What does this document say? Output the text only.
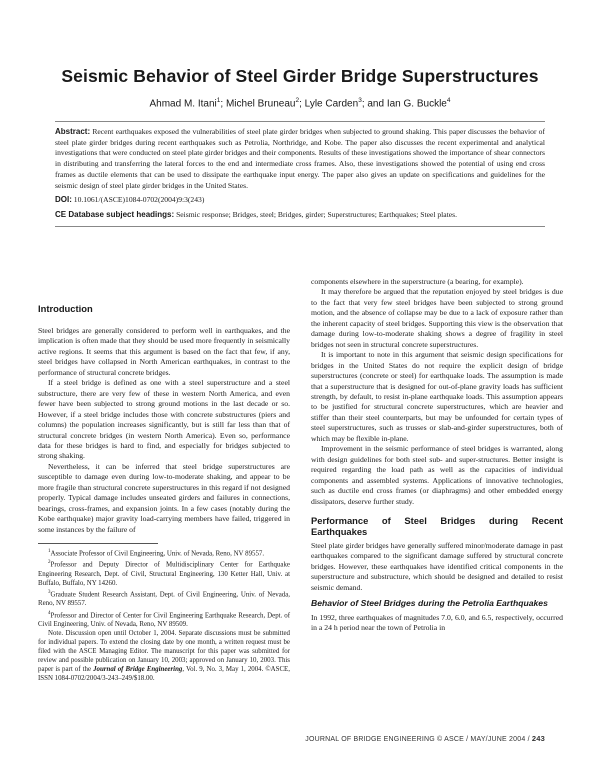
Seismic Behavior of Steel Girder Bridge Superstructures
Ahmad M. Itani$^1$; Michel Bruneau$^2$; Lyle Carden$^3$; and Ian G. Buckle$^4$

Abstract: Recent earthquakes exposed the vulnerabilities of steel plate girder bridges when subjected to ground shaking. This paper discusses the behavior of steel plate girder bridges during recent earthquakes such as Petrolia, Northridge, and Kobe. The paper also discusses the recent experimental and analytical investigations that were conducted on steel plate girder bridges and their components. Results of these investigations showed the importance of shear connectors in distributing and transferring the lateral forces to the end and intermediate cross frames. Also, these investigations showed the potential of using end cross frames as ductile elements that can be used to dissipate the earthquake input energy. The paper also gives an update on specifications and guidelines for the seismic design of steel plate girder bridges in the United States.

DOI: 10.1061/(ASCE)1084-0702(2004)9:3(243)

CE Database subject headings: Seismic response; Bridges, steel; Bridges, girder; Superstructures; Earthquakes; Steel plates.

Introduction

Steel bridges are generally considered to perform well in earthquakes, and the implication is often made that they should be used more frequently in seismically active regions. It seems that this argument is based on the fact that few, if any, steel bridges have collapsed in North American earthquakes, in contrast to the performance of structural concrete bridges.

If a steel bridge is defined as one with a steel superstructure and a steel substructure, there are very few of these in western North America, and even fewer have been subjected to strong ground motions in the last decade or so. However, if a steel bridge includes those with concrete substructures (piers and columns) the population increases significantly, but is still far less than that of structural concrete bridges (in western North America). Even so, performance data for these bridges is hard to find, and especially for bridges subjected to strong shaking.

Nevertheless, it can be inferred that steel bridge superstructures are susceptible to damage even during low-to-moderate shaking, and appear to be more fragile than structural concrete superstructures in this regard if not designed properly. Typical damage includes unseated girders and failures in connections, bearings, cross-frames, and expansion joints. In a few cases (notably during the Kobe earthquake) major gravity load-carrying members have failed, triggered in some instances by the failure of

$^1$Associate Professor of Civil Engineering, Univ. of Nevada, Reno, NV 89557.

$^2$Professor and Deputy Director of Multidisciplinary Center for Earthquake Engineering Research, Dept. of Civil, Structural Engineering, 130 Ketter Hall, Univ. at Buffalo, Buffalo, NY 14260.

$^3$Graduate Student Research Assistant, Dept. of Civil Engineering, Univ. of Nevada, Reno, NV 89557.

$^4$Professor and Director of Center for Civil Engineering Earthquake Research, Dept. of Civil Engineering, Univ. of Nevada, Reno, NV 89509.

Note. Discussion open until October 1, 2004. Separate discussions must be submitted for individual papers. To extend the closing date by one month, a written request must be filed with the ASCE Managing Editor. The manuscript for this paper was submitted for review and possible publication on January 10, 2003; approved on January 10, 2003. This paper is part of the Journal of Bridge Engineering, Vol. 9, No. 3, May 1, 2004. ©ASCE, ISSN 1084-0702/2004/3-243–249/$18.00.

components elsewhere in the superstructure (a bearing, for example).

It may therefore be argued that the reputation enjoyed by steel bridges is due to the fact that very few steel bridges have been subjected to strong ground motion, and the absence of collapse may be due to a lack of exposure rather than the inherent capacity of steel bridges. Supporting this view is the observation that damage during low-to-moderate shaking shows a degree of fragility in steel bridges not seen in structural concrete superstructures.

It is important to note in this argument that seismic design specifications for bridges in the United States do not require the explicit design of bridge superstructures (concrete or steel) for earthquake loads. The assumption is made that a superstructure that is designed for out-of-plane gravity loads has sufficient strength, by default, to resist in-plane earthquake loads. This assumption appears to be justified for structural concrete superstructures, which are heavier and stiffer than their steel counterparts, but may be unfounded for certain types of steel superstructures, such as trusses or slab-and-girder superstructures, both of which may be flexible in-plane.

Improvement in the seismic performance of steel bridges is warranted, along with design guidelines for both steel sub- and super-structures. Better insight is required regarding the load path as well as the capacities of individual components and assembled systems. Applications of innovative technologies, such as ductile end cross frames (or diaphragms) and other embedded energy dissipators, deserve further study.

Performance of Steel Bridges during Recent Earthquakes

Steel plate girder bridges have generally suffered minor/moderate damage in past earthquakes compared to the significant damage suffered by structural concrete bridges. However, these earthquakes have identified critical components in the superstructure and substructure, which should be designed and detailed to resist seismic demand.

Behavior of Steel Bridges during the Petrolia Earthquakes

In 1992, three earthquakes of magnitudes 7.0, 6.0, and 6.5, respectively, occurred in a 24 h period near the town of Petrolia in

JOURNAL OF BRIDGE ENGINEERING © ASCE / MAY/JUNE 2004 / 243
